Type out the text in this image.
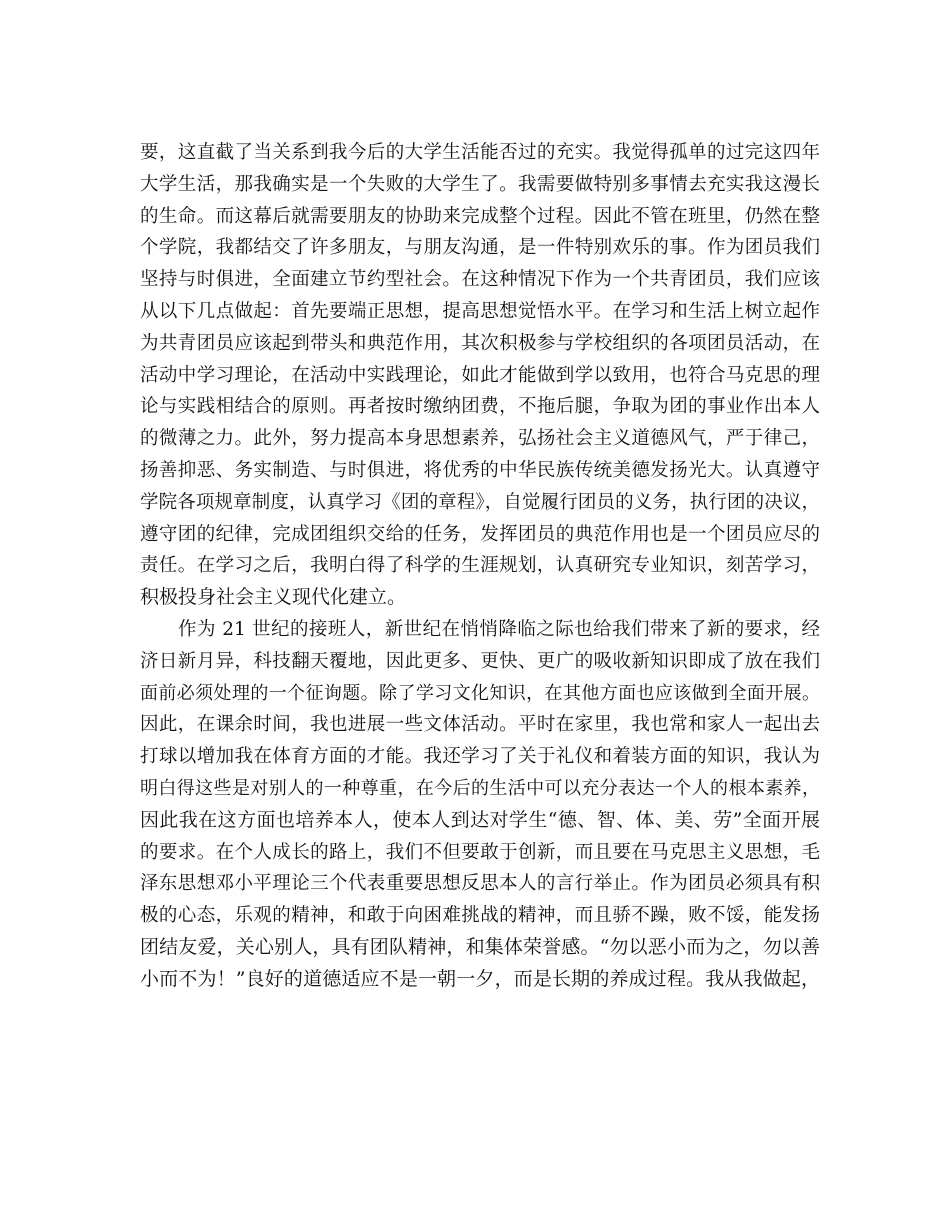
要，这直截了当关系到我今后的大学生活能否过的充实。我觉得孤单的过完这四年
大学生活，那我确实是一个失败的大学生了。我需要做特别多事情去充实我这漫长
的生命。而这幕后就需要朋友的协助来完成整个过程。因此不管在班里，仍然在整
个学院，我都结交了许多朋友，与朋友沟通，是一件特别欢乐的事。作为团员我们
坚持与时俱进，全面建立节约型社会。在这种情况下作为一个共青团员，我们应该
从以下几点做起：首先要端正思想，提高思想觉悟水平。在学习和生活上树立起作
为共青团员应该起到带头和典范作用，其次积极参与学校组织的各项团员活动，在
活动中学习理论，在活动中实践理论，如此才能做到学以致用，也符合马克思的理
论与实践相结合的原则。再者按时缴纳团费，不拖后腿，争取为团的事业作出本人
的微薄之力。此外，努力提高本身思想素养，弘扬社会主义道德风气，严于律己，
扬善抑恶、务实制造、与时俱进，将优秀的中华民族传统美德发扬光大。认真遵守
学院各项规章制度，认真学习《团的章程》，自觉履行团员的义务，执行团的决议，
遵守团的纪律，完成团组织交给的任务，发挥团员的典范作用也是一个团员应尽的
责任。在学习之后，我明白得了科学的生涯规划，认真研究专业知识，刻苦学习，
积极投身社会主义现代化建立。
作为 21 世纪的接班人，新世纪在悄悄降临之际也给我们带来了新的要求，经
济日新月异，科技翻天覆地，因此更多、更快、更广的吸收新知识即成了放在我们
面前必须处理的一个征询题。除了学习文化知识，在其他方面也应该做到全面开展。
因此，在课余时间，我也进展一些文体活动。平时在家里，我也常和家人一起出去
打球以增加我在体育方面的才能。我还学习了关于礼仪和着装方面的知识，我认为
明白得这些是对别人的一种尊重，在今后的生活中可以充分表达一个人的根本素养，
因此我在这方面也培养本人，使本人到达对学生“德、智、体、美、劳”全面开展
的要求。在个人成长的路上，我们不但要敢于创新，而且要在马克思主义思想，毛
泽东思想邓小平理论三个代表重要思想反思本人的言行举止。作为团员必须具有积
极的心态，乐观的精神，和敢于向困难挑战的精神，而且骄不躁，败不馁，能发扬
团结友爱，关心别人，具有团队精神，和集体荣誉感。“勿以恶小而为之，勿以善
小而不为！”良好的道德适应不是一朝一夕，而是长期的养成过程。我从我做起，
